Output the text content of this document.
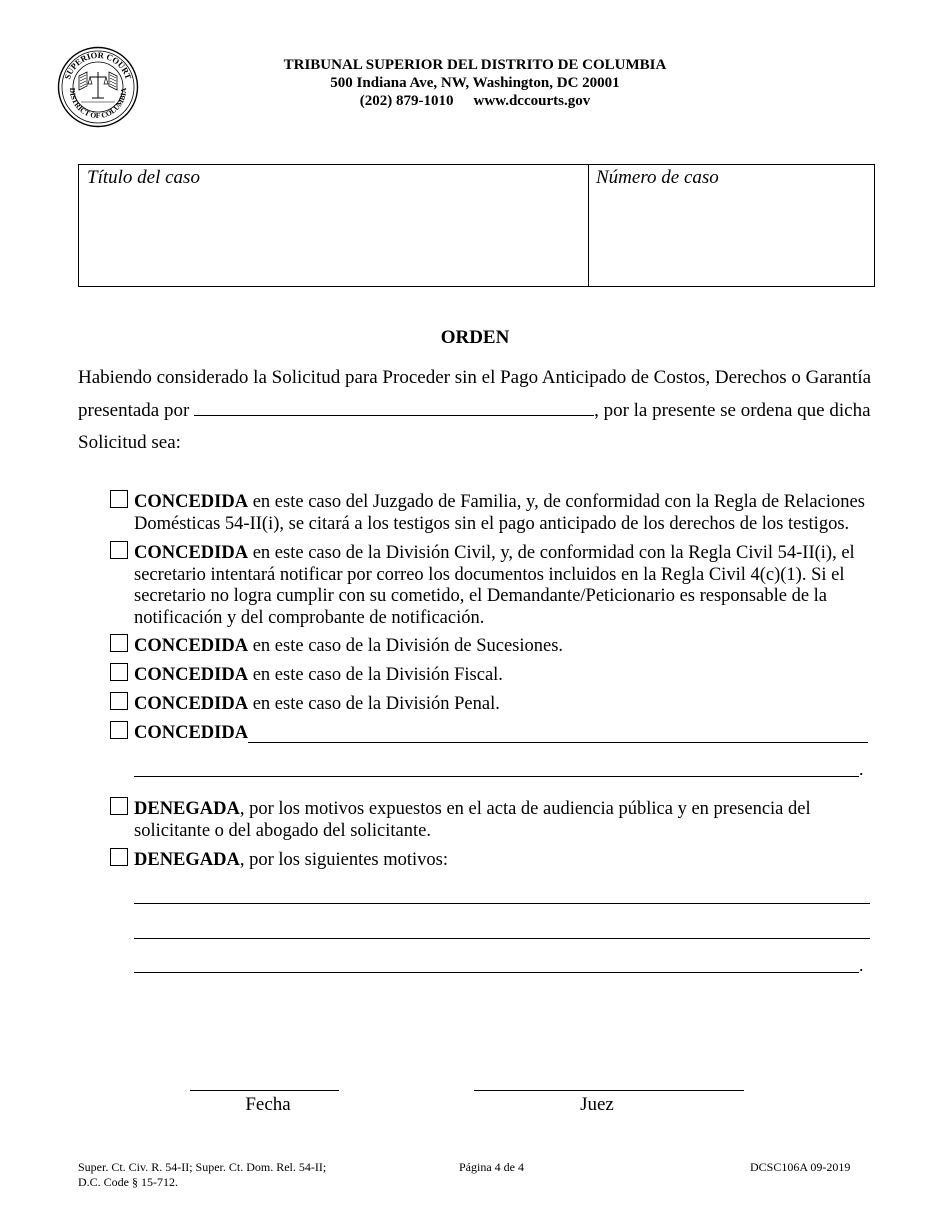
SUPERIOR COURT
DISTRICT OF COLUMBIA
TRIBUNAL SUPERIOR DEL DISTRITO DE COLUMBIA
500 Indiana Ave, NW, Washington, DC 20001
(202) 879-1010 www.dccourts.gov
Título del caso	Número de caso
ORDEN
Habiendo considerado la Solicitud para Proceder sin el Pago Anticipado de Costos, Derechos o Garantía
presentada por	, por la presente se ordena que dicha
Solicitud sea:
CONCEDIDA en este caso del Juzgado de Familia, y, de conformidad con la Regla de Relaciones Domésticas 54-II(i), se citará a los testigos sin el pago anticipado de los derechos de los testigos.
CONCEDIDA en este caso de la División Civil, y, de conformidad con la Regla Civil 54-II(i), el secretario intentará notificar por correo los documentos incluidos en la Regla Civil 4(c)(1). Si el secretario no logra cumplir con su cometido, el Demandante/Peticionario es responsable de la notificación y del comprobante de notificación.
CONCEDIDA en este caso de la División de Sucesiones.
CONCEDIDA en este caso de la División Fiscal.
CONCEDIDA en este caso de la División Penal.
CONCEDIDA
.
DENEGADA, por los motivos expuestos en el acta de audiencia pública y en presencia del solicitante o del abogado del solicitante.
DENEGADA, por los siguientes motivos:
.
Fecha	Juez
Super. Ct. Civ. R. 54-II; Super. Ct. Dom. Rel. 54-II;
D.C. Code § 15-712.
Página 4 de 4	DCSC106A 09-2019
